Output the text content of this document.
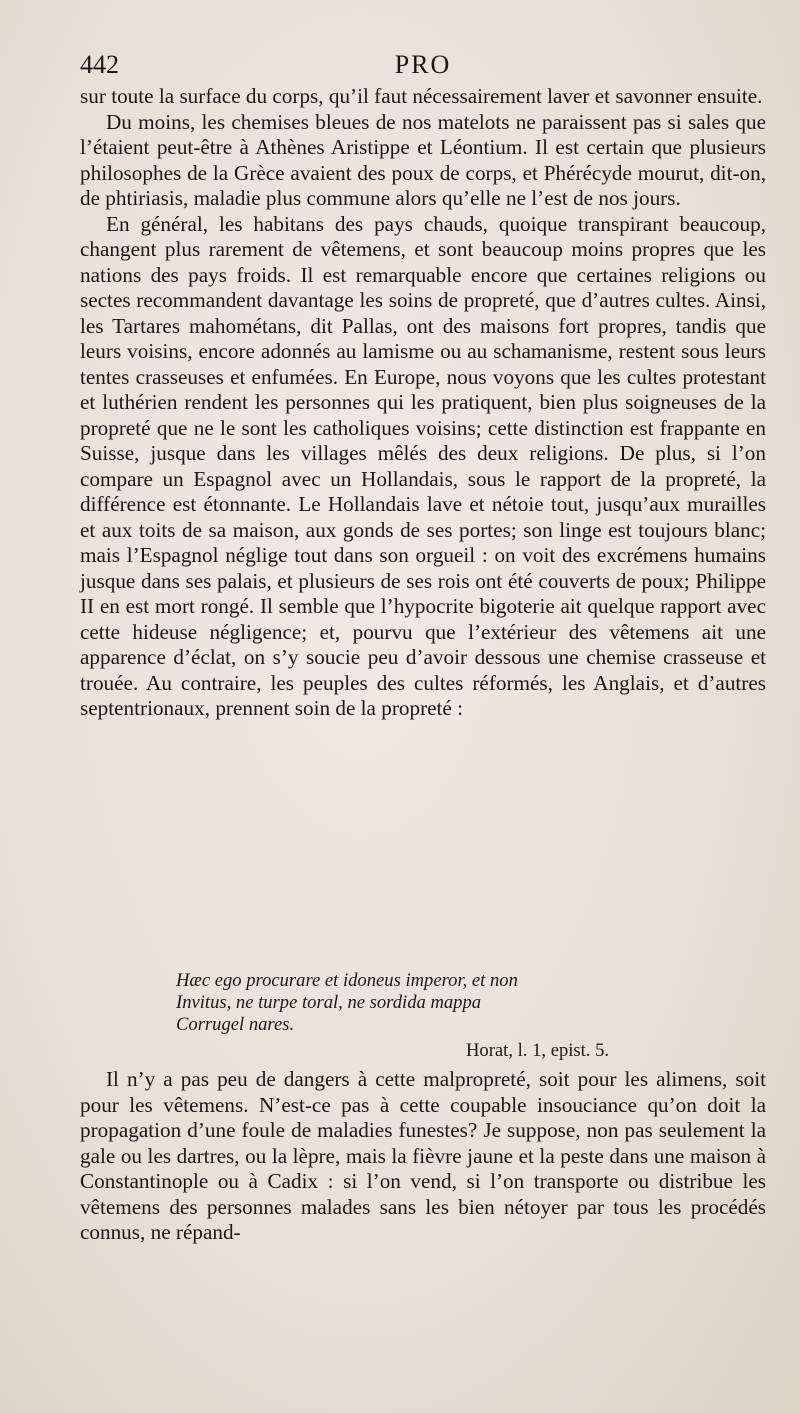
PRO
442

sur toute la surface du corps, qu’il faut nécessairement laver et savonner ensuite.

Du moins, les chemises bleues de nos matelots ne paraissent pas si sales que l’étaient peut-être à Athènes Aristippe et Léontium. Il est certain que plusieurs philosophes de la Grèce avaient des poux de corps, et Phérécyde mourut, dit-on, de phtiriasis, maladie plus commune alors qu’elle ne l’est de nos jours.

En général, les habitans des pays chauds, quoique transpirant beaucoup, changent plus rarement de vêtemens, et sont beaucoup moins propres que les nations des pays froids. Il est remarquable encore que certaines religions ou sectes recommandent davantage les soins de propreté, que d’autres cultes. Ainsi, les Tartares mahométans, dit Pallas, ont des maisons fort propres, tandis que leurs voisins, encore adonnés au lamisme ou au schamanisme, restent sous leurs tentes crasseuses et enfumées. En Europe, nous voyons que les cultes protestant et luthérien rendent les personnes qui les pratiquent, bien plus soigneuses de la propreté que ne le sont les catholiques voisins; cette distinction est frappante en Suisse, jusque dans les villages mêlés des deux religions. De plus, si l’on compare un Espagnol avec un Hollandais, sous le rapport de la propreté, la différence est étonnante. Le Hollandais lave et nétoie tout, jusqu’aux murailles et aux toits de sa maison, aux gonds de ses portes; son linge est toujours blanc; mais l’Espagnol néglige tout dans son orgueil : on voit des excrémens humains jusque dans ses palais, et plusieurs de ses rois ont été couverts de poux; Philippe II en est mort rongé. Il semble que l’hypocrite bigoterie ait quelque rapport avec cette hideuse négligence; et, pourvu que l’extérieur des vêtemens ait une apparence d’éclat, on s’y soucie peu d’avoir dessous une chemise crasseuse et trouée. Au contraire, les peuples des cultes réformés, les Anglais, et d’autres septentrionaux, prennent soin de la propreté :

Hæc ego procurare et idoneus imperor, et non
Invitus, ne turpe toral, ne sordida mappa
Corrugel nares.
Horat, l. 1, epist. 5.

Il n’y a pas peu de dangers à cette malpropreté, soit pour les alimens, soit pour les vêtemens. N’est-ce pas à cette coupable insouciance qu’on doit la propagation d’une foule de maladies funestes? Je suppose, non pas seulement la gale ou les dartres, ou la lèpre, mais la fièvre jaune et la peste dans une maison à Constantinople ou à Cadix : si l’on vend, si l’on transporte ou distribue les vêtemens des personnes malades sans les bien nétoyer par tous les procédés connus, ne répand-
